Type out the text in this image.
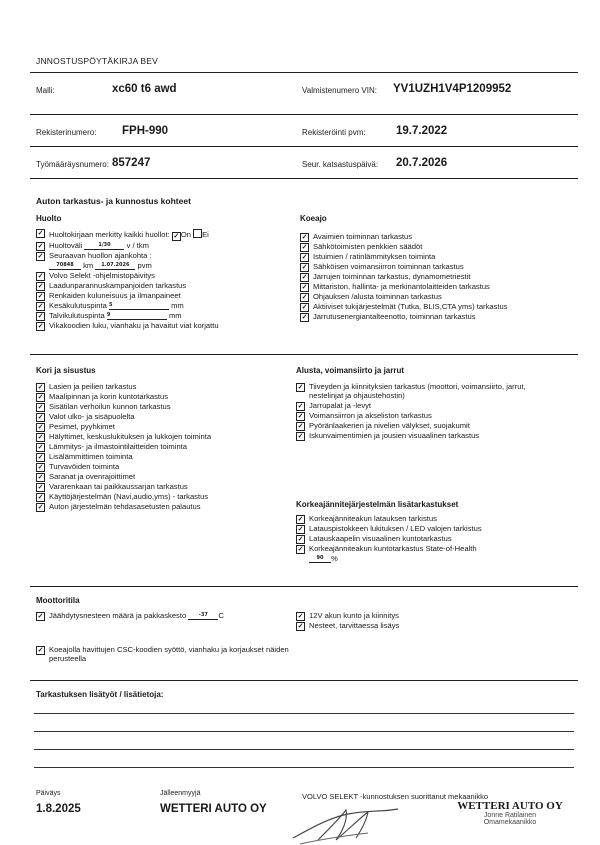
JNNOSTUSPÖYTÄKIRJA BEV
Malli:	xc60 t6 awd	Valmistenumero VIN: YV1UZH1V4P1209952
Rekisterinumero: FPH-990	Rekisteröinti pvm:	19.7.2022
Työmääräysnumero: 857247	Seur. katsastuspäivä: 20.7.2026
Auton tarkastus- ja kunnostus kohteet
Huolto
✓ Huoltokirjaan merkitty kaikki huollot: ✓ On Ei
✓ Huoltoväli	1/30 v / tkm
✓ Seuraavan huollon ajankohta :
70848 km 1.07.2026 pvm
✓ Volvo Selekt -ohjelmistopäivitys
✓ Laadunparannuskampanjoiden tarkastus
✓ Renkaiden kuluneisuus ja ilmanpaineet
✓ Kesäkulutuspinta 5	mm
✓ Talvikulutuspinta 9	mm
✓ Vikakoodien luku, vianhaku ja havaitut viat korjattu
Koeajo
✓ Avaimien toiminnan tarkastus
✓ Sähkötoimisten penkkien säädöt
✓ Istuimien / ratinlämmityksen toiminta
✓ Sähköisen voimansiirron toiminnan tarkastus
✓ Jarrujen toiminnan tarkastus, dynamometriestit
✓ Mittariston, hallinta- ja merkinantolaitteiden tarkastus
✓ Ohjauksen /alusta toiminnan tarkastus
✓ Aktiiviset tukijärjestelmät (Tutka, BLIS,CTA yms) tarkastus
✓ Jarrutusenergiantalteenotto, toiminnan tarkastus
Kori ja sisustus
✓ Lasien ja peilien tarkastus
✓ Maalipinnan ja korin kuntotarkastus
✓ Sisätilan verhoilun kunnon tarkastus
✓ Valot ulko- ja sisäpuolelta
✓ Pesimet, pyyhkimet
✓ Hälyttimet, keskuslukituksen ja lukkojen toiminta
✓ Lämmitys- ja ilmastointilaitteiden toiminta
✓ Lisälämmittimen toiminta
✓ Turvavöiden toiminta
✓ Saranat ja ovenrajoittimet
✓ Vararenkaan tai paikkaussarjan tarkastus
✓ Käyttöjärjestelmän (Navi,audio,yms) - tarkastus
✓ Auton järjestelmän tehdasasetusten palautus
Alusta, voimansiirto ja jarrut
✓ Tiiveyden ja kiinnityksien tarkastus (moottori, voimansiirto, jarrut, nestelinjat ja ohjaustehostin)
✓ Jarrupalat ja -levyt
✓ Voimansiirron ja akseliston tarkastus
✓ Pyöränlaakerien ja nivelien välykset, suojakumit
✓ Iskunvaimentimien ja jousien visuaalinen tarkastus
Korkeajännitejärjestelmän lisätarkastukset
✓ Korkeajänniteakun latauksen tarkistus
✓ Latauspistokkeen lukituksen / LED valojen tarkistus
✓ Latauskaapelin visuaalinen kuntotarkastus
✓ Korkeajänniteakun kuntotarkastus State-of-Health
90 %
Moottoritila
✓ Jäähdytysnesteen määrä ja pakkaskesto	-37 C	✓ 12V akun kunto ja kiinnitys
✓ Nesteet, tarvittaessa lisäys
✓ Koeajolla havittujen CSC-koodien syöttö, vianhaku ja korjaukset näiden perusteella
Tarkastuksen lisätyöt / lisätietoja:
Päiväys
1.8.2025
Jälleenmyyjä
WETTERI AUTO OY
VOLVO SELEKT -kunnostuksen suorittanut mekaanikko
WETTERI AUTO OY
Jonne Ratilainen
Omamekaanikko
